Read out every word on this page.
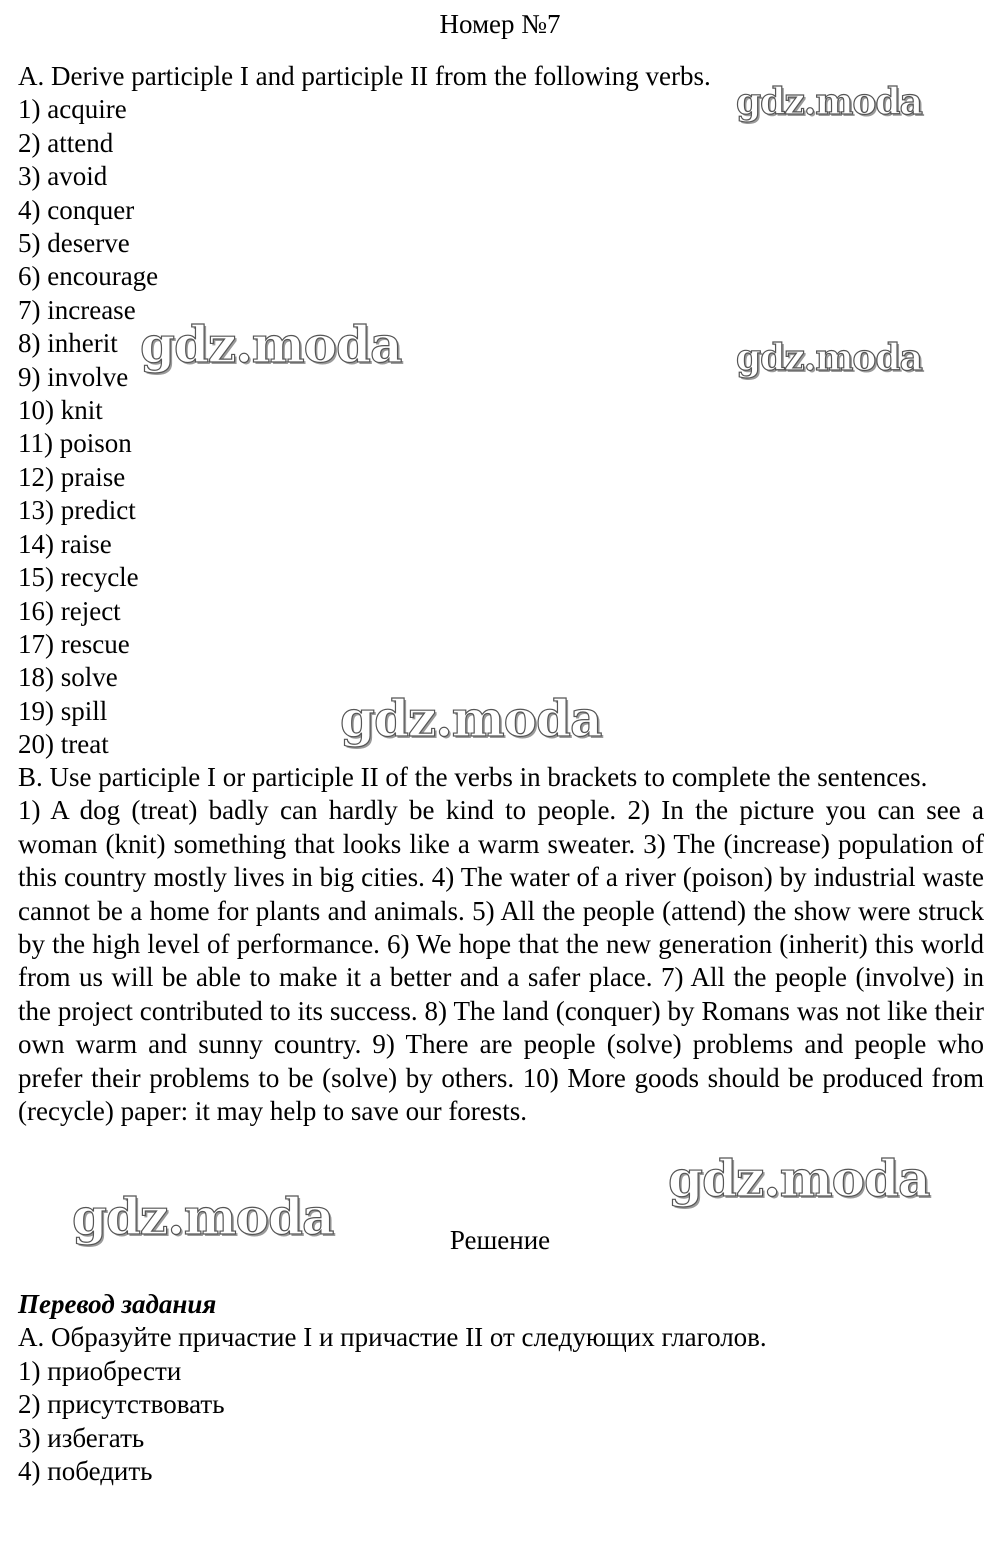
Номер №7
A. Derive participle I and participle II from the following verbs.
1) acquire
2) attend
3) avoid
4) conquer
5) deserve
6) encourage
7) increase
8) inherit
9) involve
10) knit
11) poison
12) praise
13) predict
14) raise
15) recycle
16) reject
17) rescue
18) solve
19) spill
20) treat
B. Use participle I or participle II of the verbs in brackets to complete the sentences.
1) A dog (treat) badly can hardly be kind to people. 2) In the picture you can see a woman (knit) something that looks like a warm sweater. 3) The (increase) population of this country mostly lives in big cities. 4) The water of a river (poison) by industrial waste cannot be a home for plants and animals. 5) All the people (attend) the show were struck by the high level of performance. 6) We hope that the new generation (inherit) this world from us will be able to make it a better and a safer place. 7) All the people (involve) in the project contributed to its success. 8) The land (conquer) by Romans was not like their own warm and sunny country. 9) There are people (solve) problems and people who prefer their problems to be (solve) by others. 10) More goods should be produced from (recycle) paper: it may help to save our forests.
Решение
Перевод задания
A. Образуйте причастие I и причастие II от следующих глаголов.
1) приобрести
2) присутствовать
3) избегать
4) победить
gdz.moda
gdz.moda	gdz.moda
gdz.moda
gdz.moda
gdz.moda
